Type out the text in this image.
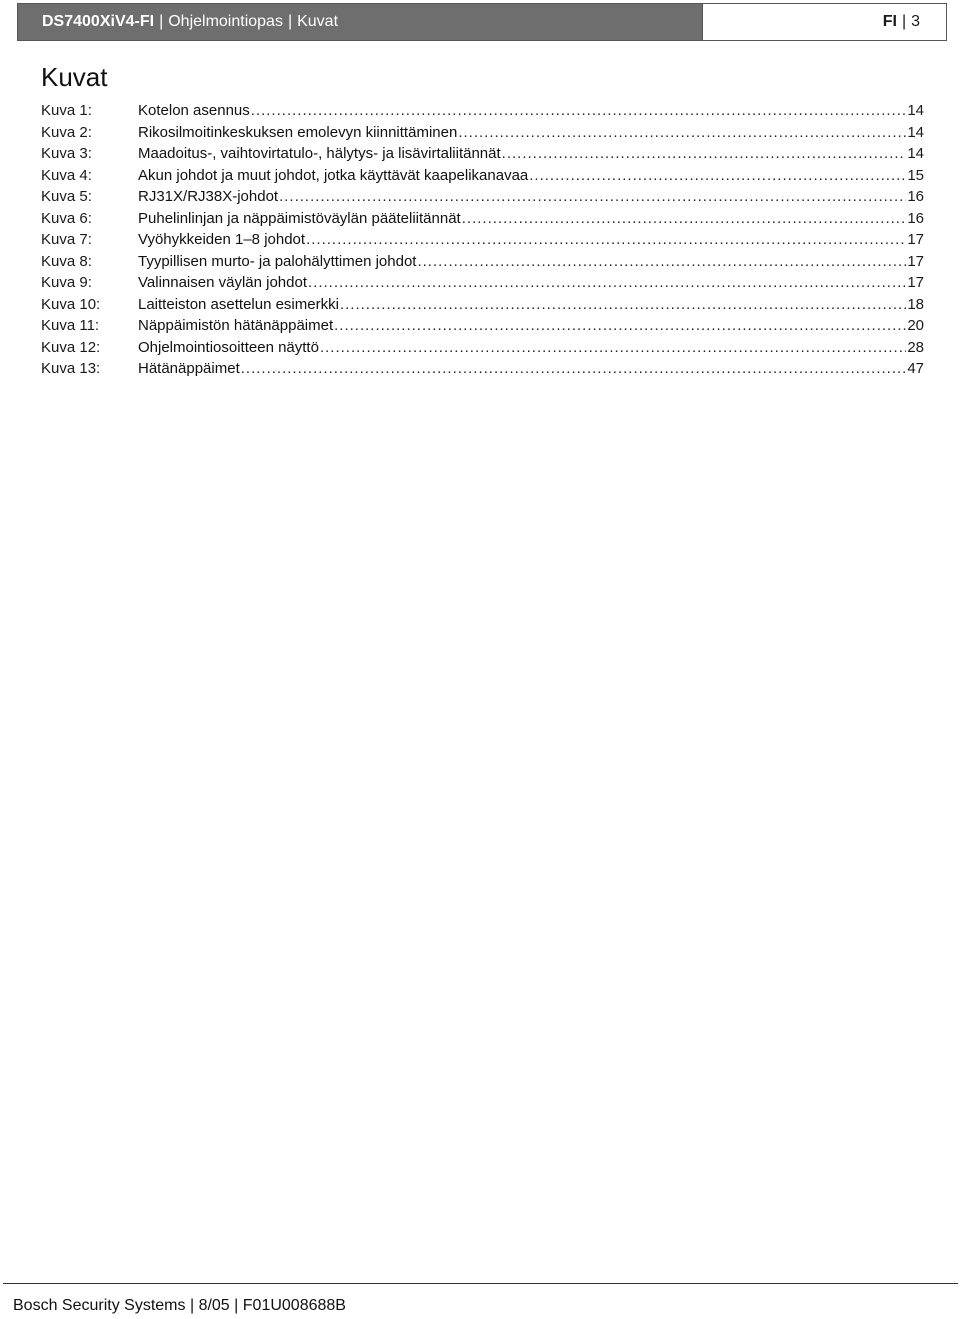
DS7400XiV4-FI | Ohjelmointiopas | Kuvat	FI | 3
Kuvat
Kuva 1:	Kotelon asennus .....	14
Kuva 2:	Rikosilmoitinkeskuksen emolevyn kiinnittäminen .....	14
Kuva 3:	Maadoitus-, vaihtovirtatulo-, hälytys- ja lisävirtaliitännät .....	14
Kuva 4:	Akun johdot ja muut johdot, jotka käyttävät kaapelikanavaa .....	15
Kuva 5:	RJ31X/RJ38X-johdot .....	16
Kuva 6:	Puhelinlinjan ja näppäimistöväylän pääteliitännät .....	16
Kuva 7:	Vyöhykkeiden 1–8 johdot .....	17
Kuva 8:	Tyypillisen murto- ja palohälyttimen johdot .....	17
Kuva 9:	Valinnaisen väylän johdot .....	17
Kuva 10:	Laitteiston asettelun esimerkki .....	18
Kuva 11:	Näppäimistön hätänäppäimet .....	20
Kuva 12:	Ohjelmointiosoitteen näyttö .....	28
Kuva 13:	Hätänäppäimet .....	47
Bosch Security Systems | 8/05 | F01U008688B
